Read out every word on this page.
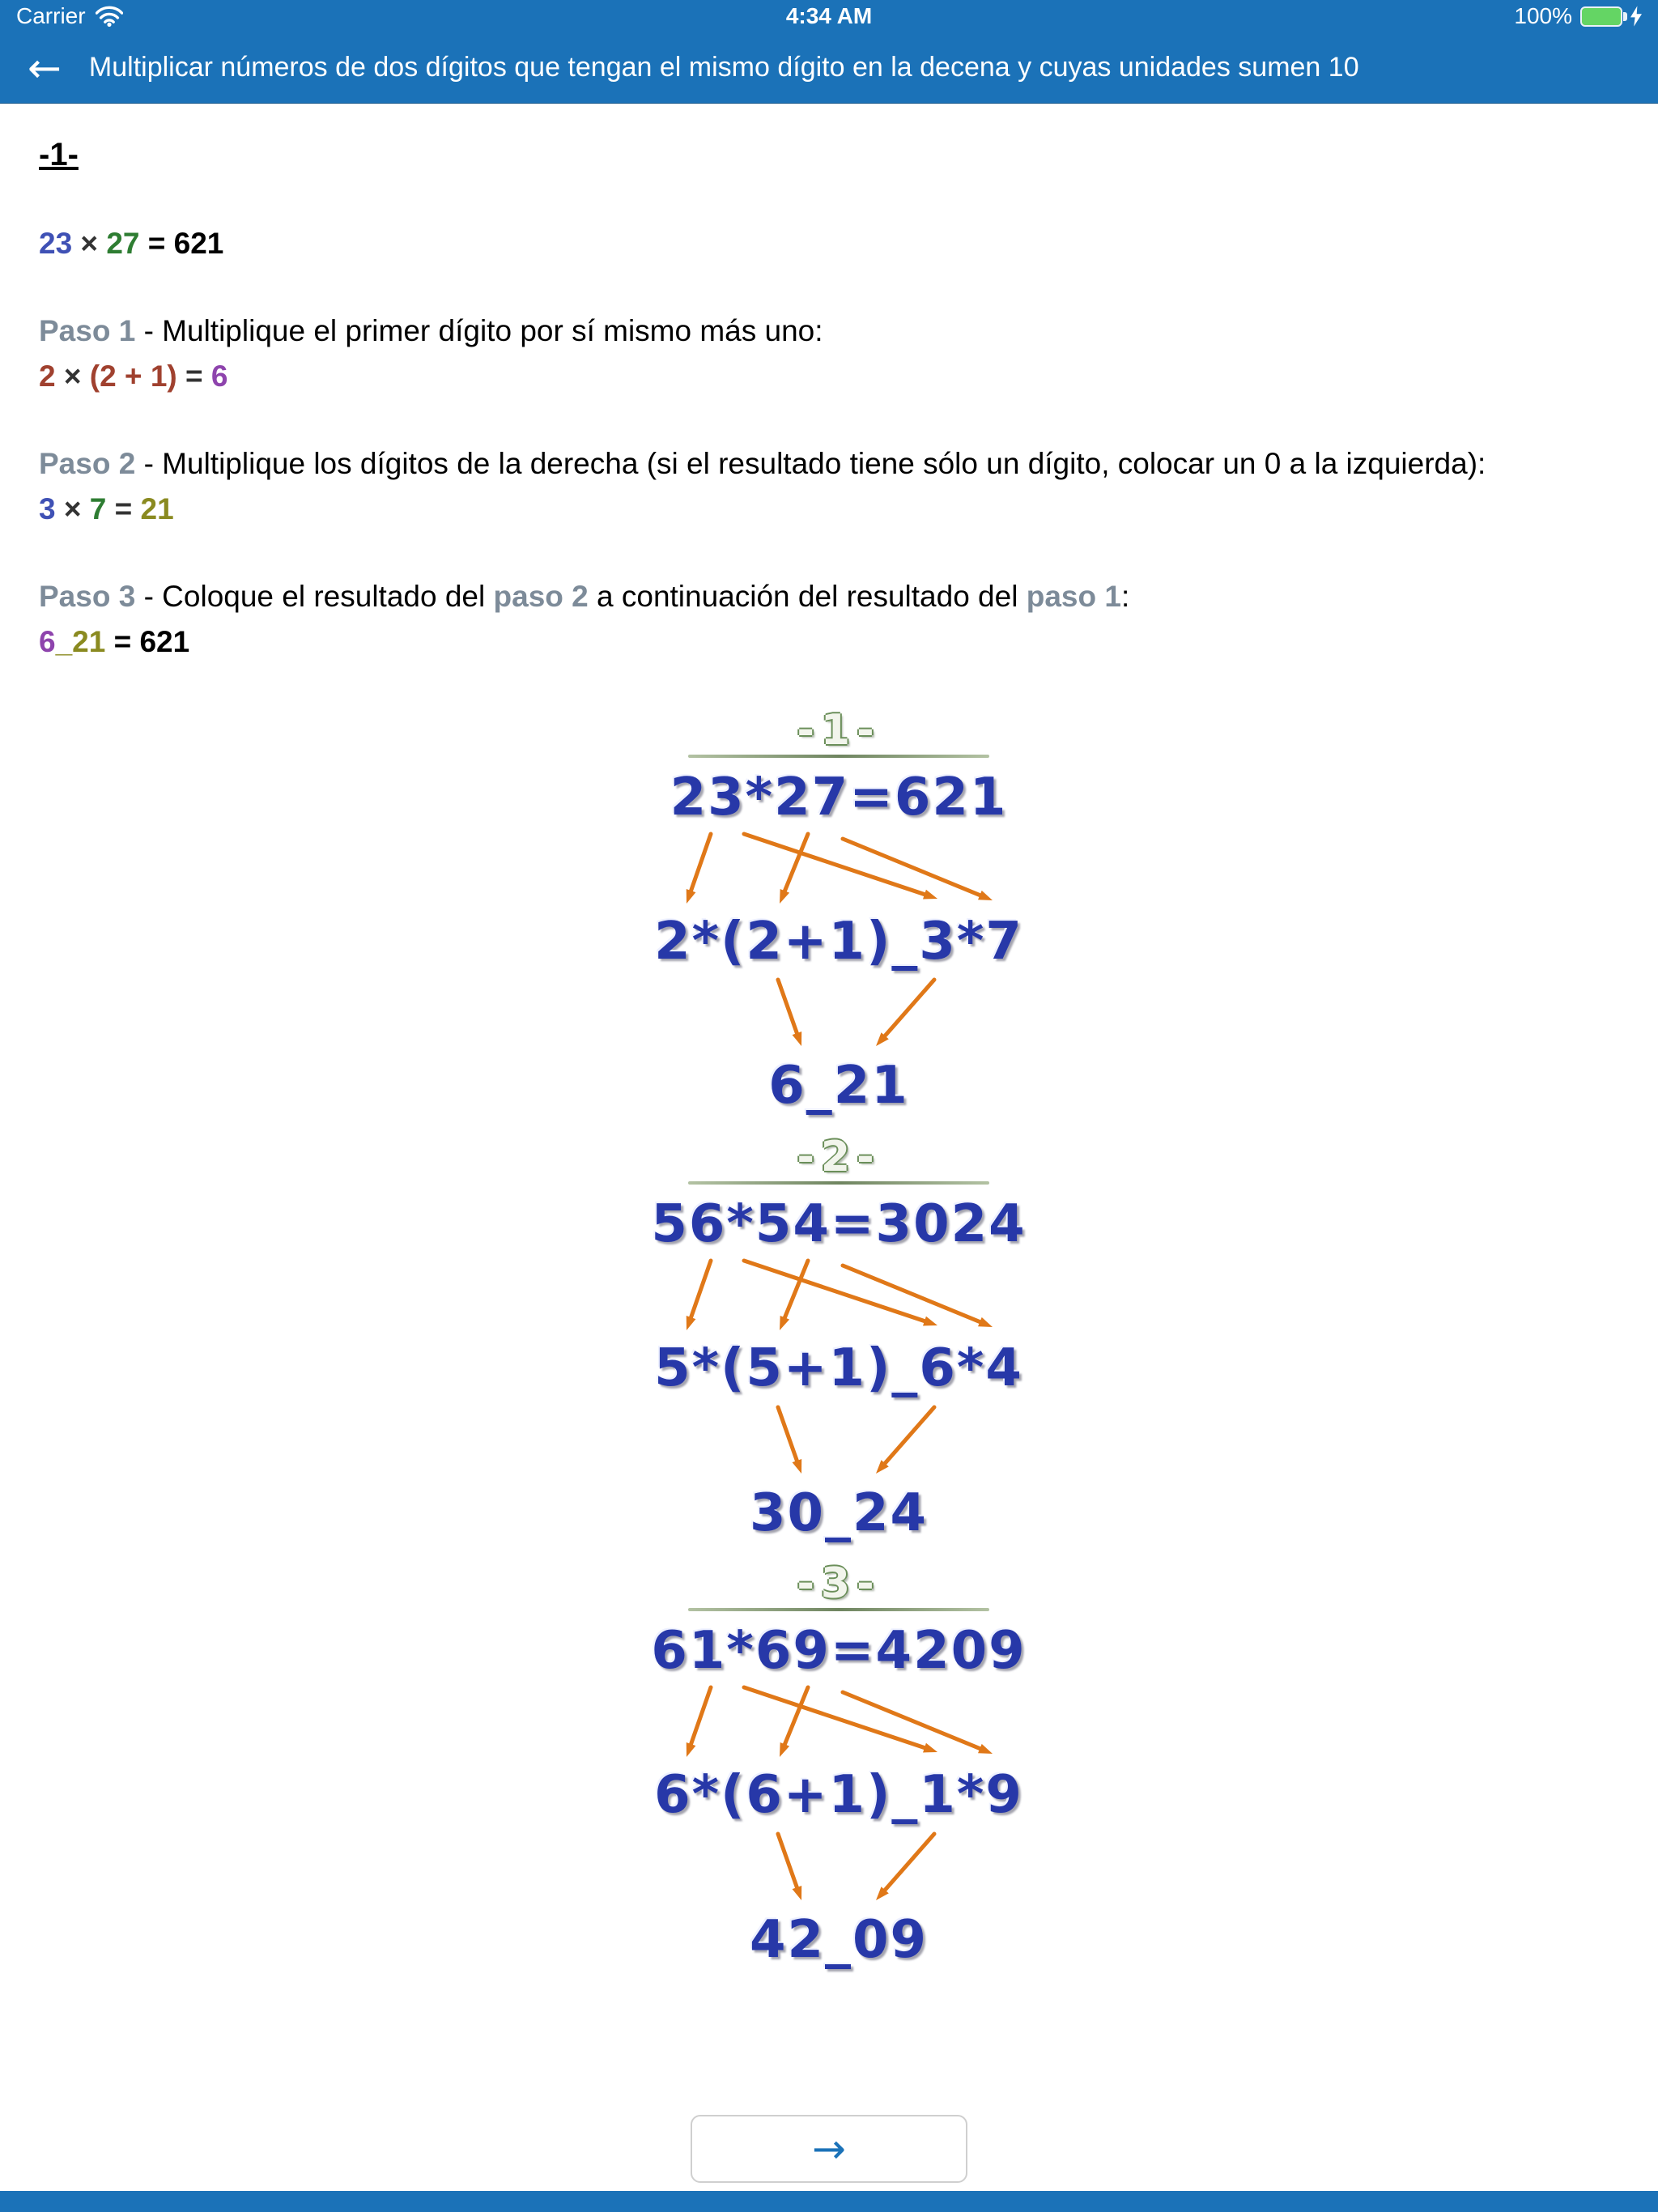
Carrier	4:34 AM	100%
← Multiplicar números de dos dígitos que tengan el mismo dígito en la decena y cuyas unidades sumen 10
-1-
23 × 27 = 621
Paso 1 - Multiplique el primer dígito por sí mismo más uno:
2 × (2 + 1) = 6
Paso 2 - Multiplique los dígitos de la derecha (si el resultado tiene sólo un dígito, colocar un 0 a la izquierda):
3 × 7 = 21
Paso 3 - Coloque el resultado del paso 2 a continuación del resultado del paso 1:
6_21 = 621
-1-
23*27=621
2*(2+1)_3*7
6_21
-2-
56*54=3024
5*(5+1)_6*4
30_24
-3-
61*69=4209
6*(6+1)_1*9
42_09
→
